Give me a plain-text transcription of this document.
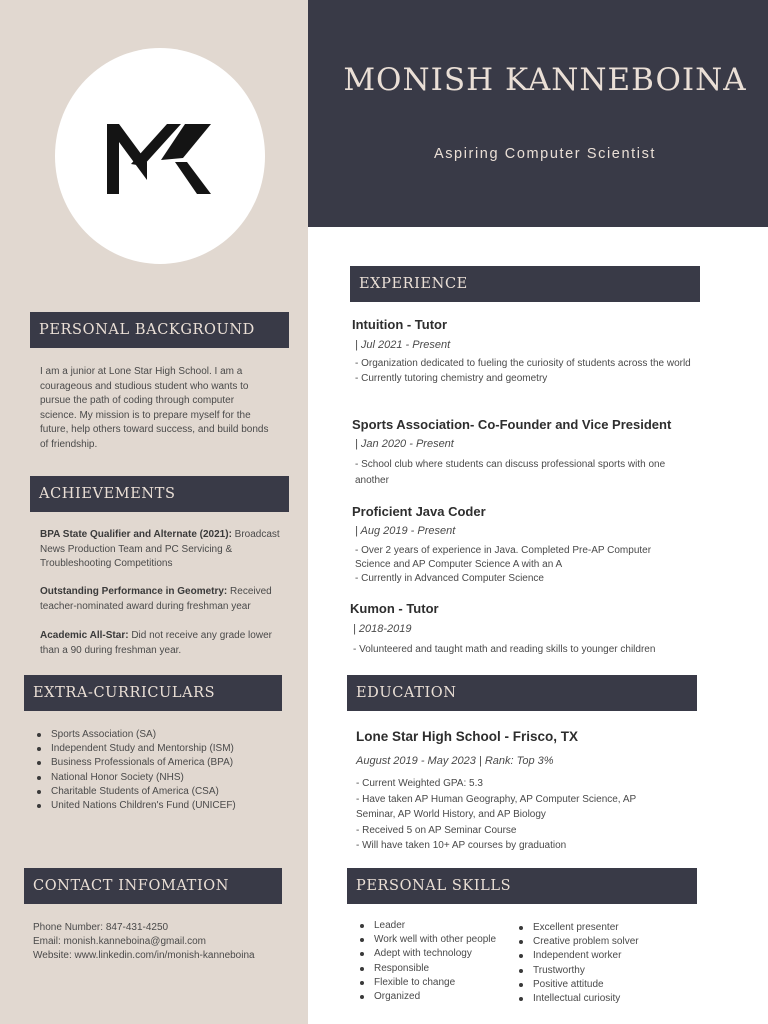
MONISH KANNEBOINA
Aspiring Computer Scientist
PERSONAL BACKGROUND
I am a junior at Lone Star High School. I am a courageous and studious student who wants to pursue the path of coding through computer science. My mission is to prepare myself for the future, help others toward success, and build bonds of friendship.
ACHIEVEMENTS
BPA State Qualifier and Alternate (2021): Broadcast News Production Team and PC Servicing & Troubleshooting Competitions
Outstanding Performance in Geometry: Received teacher-nominated award during freshman year
Academic All-Star: Did not receive any grade lower than a 90 during freshman year.
EXTRA-CURRICULARS
Sports Association (SA)
Independent Study and Mentorship (ISM)
Business Professionals of America (BPA)
National Honor Society (NHS)
Charitable Students of America (CSA)
United Nations Children's Fund (UNICEF)
CONTACT INFOMATION
Phone Number: 847-431-4250
Email: monish.kanneboina@gmail.com
Website: www.linkedin.com/in/monish-kanneboina
EXPERIENCE
Intuition - Tutor
| Jul 2021 - Present
- Organization dedicated to fueling the curiosity of students across the world
- Currently tutoring chemistry and geometry
Sports Association- Co-Founder and Vice President
| Jan 2020 - Present
- School club where students can discuss professional sports with one another
Proficient Java Coder
| Aug 2019 - Present
- Over 2 years of experience in Java. Completed Pre-AP Computer Science and AP Computer Science A with an A
- Currently in Advanced Computer Science
Kumon - Tutor
| 2018-2019
- Volunteered and taught math and reading skills to younger children
EDUCATION
Lone Star High School - Frisco, TX
August 2019 - May 2023 | Rank: Top 3%
- Current Weighted GPA: 5.3
- Have taken AP Human Geography, AP Computer Science, AP Seminar, AP World History, and AP Biology
- Received 5 on AP Seminar Course
- Will have taken 10+ AP courses by graduation
PERSONAL SKILLS
Leader
Work well with other people
Adept with technology
Responsible
Flexible to change
Organized
Excellent presenter
Creative problem solver
Independent worker
Trustworthy
Positive attitude
Intellectual curiosity
